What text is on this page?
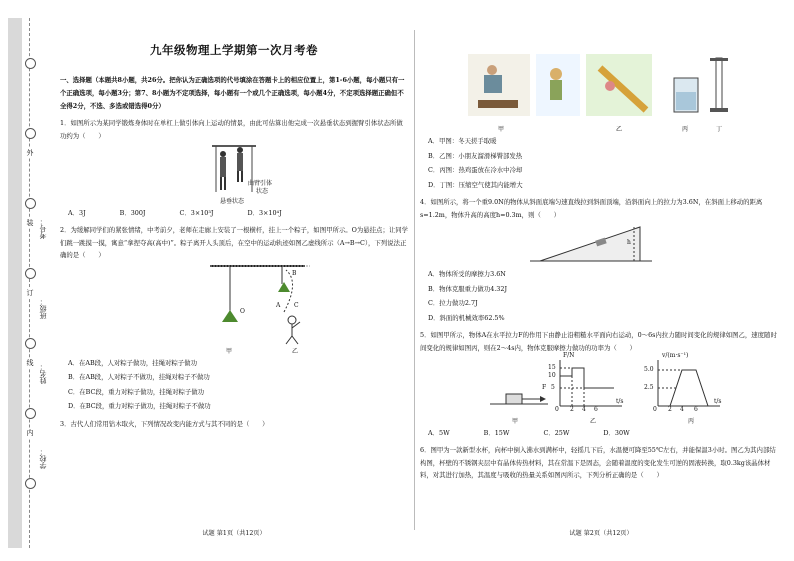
外
装
订
线
内
学校：
姓名：
班级：
考号：
九年级物理上学期第一次月考卷
一、选择题（本题共8小题，共26分。把你认为正确选项的代号填涂在答题卡上的相应位置上，第1-6小题，每小题只有一个正确选项，每小题3分；第7、8小题为不定项选择，每小题有一个或几个正确选项，每小题4分，不定项选择题正确但不全得2分，不选、多选或错选得0分）
1．如图所示为某同学锻炼身体时在单杠上做引体向上运动的情景，由此可估算出他完成一次悬垂状态到握臂引体状态所做功约为（　　）
曲臂引体
状态
悬垂状态
A．3J	B．300J	C．3×10³J	D．3×10⁴J
2．为缓解同学们的紧张情绪，中考前夕，老师在走廊上安装了一根横杆，挂上一个粽子，如图甲所示。O为悬挂点；让同学们跳一跳摸一摸，寓意“拿捏夺高(高中)”。粽子离开人头顶后，在空中的运动轨迹如图乙虚线所示（A→B→C），下列说法正确的是（　　）
O
A
B
C
甲	乙
A．在AB段，人对粽子做功，挂绳对粽子做功
B．在AB段，人对粽子不做功，挂绳对粽子不做功
C．在BC段，重力对粽子做功，挂绳对粽子做功
D．在BC段，重力对粽子做功，挂绳对粽子不做功
3．古代人们常用钻木取火，下列情况改变内能方式与其不同的是（　　）
试题 第1页（共12页）
甲	乙	丙	丁
A．甲图：冬天搓手取暖
B．乙图：小朋友溜滑梯臀部发热
C．丙图：热鸡蛋放在冷水中冷却
D．丁图：压缩空气使其内能增大
4．如图所示，将一个重9.0N的物体从斜面底端匀速直线拉到斜面顶端，沿斜面向上的拉力为3.6N，在斜面上移动的距离s=1.2m，物体升高的高度h=0.3m，则（　　）
h
A．物体所受的摩擦力3.6N
B．物体克服重力做功4.32J
C．拉力做功2.7J
D．斜面的机械效率62.5%
5．如图甲所示，物体A在水平拉力F的作用下由静止沿粗糙水平面向右运动，0～6s内拉力随时间变化的规律如图乙，速度随时间变化的规律如图丙，则在2～4s内，物体克服摩擦力做功的功率为（　　）
F
F/N
15
10
5
0 2 4 6
t/s
v/(m·s⁻¹)
5.0
2.5
0 2 4 6
t/s
甲	乙	丙
A．5W	B．15W	C．25W	D．30W
6．图甲为一款新型水杯，向杯中倒入沸水到满杯中，轻摇几下后，水温便可降至55℃左右，并能保温3小时。图乙为其内部结构图，杯壁的不锈钢夹层中有晶体传热材料，其在常温下是固态，会随着温度的变化发生可逆的固液转换，取0.3kg该晶体材料，对其进行加热，其温度与吸收的热量关系如图丙所示，下列分析正确的是（　　）
试题 第2页（共12页）
